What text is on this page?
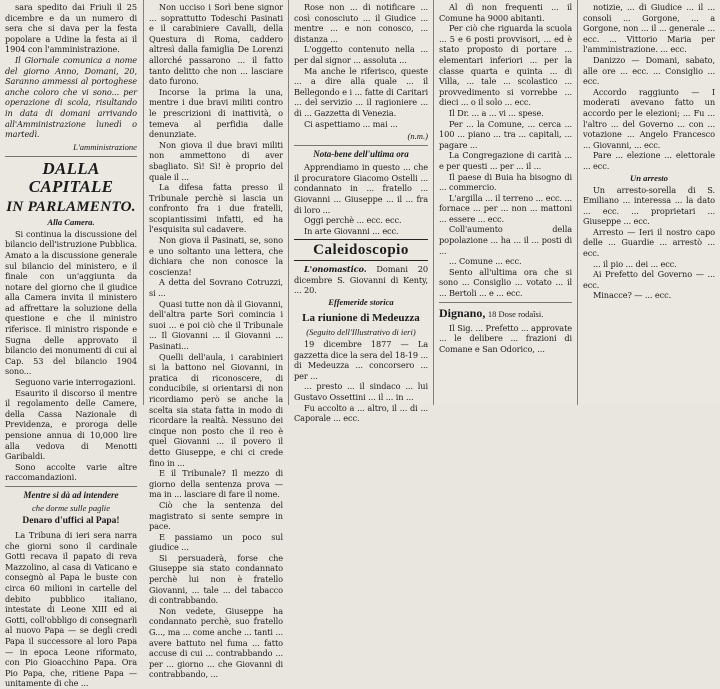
sara spedito dai Friuli il 25 dicembre e da un numero di sera che si dava per la festa popolare a Udine la festa ai il 1904 con l'amministrazione.

Il Giornale comunica a nome del giorno Anno, Domani, 20, Saranno ammessi al portoghese anche coloro che vi sono... per operazione di scola, risultando in data di domani arrivando all'Amministrazione lunedì o martedì.

L'amministrazione
DALLA CAPITALE
IN PARLAMENTO.
Alla Camera.

Si continua la discussione del bilancio dell'istruzione Pubblica. Amato a la discussione generale sul bilancio del ministero, e il finale con un'aggiunta da notare del giorno che il giudice alla Camera invita il ministero ad affrettare la soluzione della questione e che il ministro riferisce. Il ministro risponde e Sugna delle approvato il bilancio dei monumenti di cui al Cap. 53 del bilancio 1904 sono...

Seguono varie interrogazioni.

Esaurito il discorso il mentre il regolamento delle Camere, della Cassa Nazionale di Previdenza, e proroga delle pensione annua di 10,000 lire alla vedova di Menotti Garibaldi.

Sono accolte varie altre raccomandazioni.

Mentre si dà ad intendere
che dorme sulle paglie
Denaro d'uffici al Papa!

La Tribuna di ieri sera narra che giorni sono il cardinale Gotti recava il papato di reva Mazzolino, al casa di Vaticano e consegnò al Papa le buste con circa 60 milioni in cartelle del debito pubblico italiano, intestate di Leone XIII ed ai Gotti, coll'obbligo di consegnarli al nuovo Papa — se degli credi Papa il successore al loro Papa — in epoca Leone riformato, con Pio Gioacchino Papa. Ora Pio Papa, che, ritiene Papa — unitamente di che ...

Non ucciso i Sorì bene signor ... soprattutto Todeschi Pasinati e il carabiniere Cavalli, della Questura di Roma, caddero altresì dalla famiglia De Lorenzi allorché passarono ... il fatto tanto delitto che non ... lasciare dato furono.

Incorse la prima la una, mentre i due bravi militi contro le prescrizioni di inattività, o temeva al perfidia dalle denunziate.

Non giova il due bravi militi non ammettono di aver sbagliato. Sì! Sì! è proprio del quale il ...

La difesa fatta presso il Tribunale perchè si lascia un confronto fra i due fratelli, scopiantissimi infatti, ed ha l'esquisita sul cadavere.

Non giova il Pasinati, se, sono e uno soltanto una lettera, che dichiara che non conosce la coscienza!

A detta del Sovrano Cotruzzi, si ...

Quasi tutte non dà il Giovanni, dell'altra parte Sorì comincia i suoi ... e poi ciò che il Tribunale ... Il Giovanni ... il Giovanni ... Pasinati...

Quelli dell'aula, i carabinieri si la battono nel Giovanni, in pratica di riconoscere, di conducibile, si orientarsi di non ricordiamo però se anche la scelta sia stata fatta in modo di ricordare la realtà. Nessuno dei cinque non posto che il reo è quel Giovanni ... il povero il detto Giuseppe, e chi ci crede fino in ...

E il Tribunale? Il mezzo di giorno della sentenza prova — ma in ... lasciare di fare il nome.

Ciò che la sentenza del magistrato si sente sempre in pace.

E passiamo un poco sul giudice ...

Si persuaderà, forse che Giuseppe sia stato condannato perchè lui non è fratello Giovanni, ... tale ... del tabacco di contrabbando.

Non vedete, Giuseppe ha condannato perchè, suo fratello G..., ma ... come anche ... tanti ... avere battuto nel fuma ... fatto accuse di cui ... contrabbando ... per ... giorno ... che Giovanni di contrabbando, ...

Rose non ... di notificare ... così conosciuto ... il Giudice ... mentre ... e non conosco, ... distanza ...

L'oggetto contenuto nella ... per dal signor ... assoluta ...

Ma anche le riferisco, queste ... a dire alla quale ... il Bellegondo e i ... fatte di Caritari ... del servizio ... il ragioniere ... di ... Gazzetta di Venezia.

Ci aspettiamo ... mai ...

(n.m.)
Nota-bene dell'ultima ora

Apprendiamo in questo ... che il procuratore Giacomo Ostelli ... condannato in ... fratello ... Giovanni ... Giuseppe ... il ... fra di loro ...

Oggi perchè ... ecc. ecc.

In arte Giovanni ... ecc.

Caleidoscopio

L'onomastico. Domani 20 dicembre S. Giovanni di Kenty, ... 20.

Effemeride storica
La riunione di Medeuzza
(Seguito dell'Illustrativo di ieri)

19 dicembre 1877 — La gazzetta dice la sera del 18-19 ... di Medeuzza ... concorsero ... per ...

... presto ... il sindaco ... lui Gustavo Ossettini ... il ... in ...

Fu accolto a ... altro, il ... di ... Caporale ... ecc.

Al dì non frequenti ... il Comune ha 9000 abitanti.

Per ciò che riguarda la scuola ... 5 e 6 posti provvisori, ... ed è stato proposto di portare ... elementari inferiori ... per la classe quarta e quinta ... di Villa, ... tale ... scolastico ... provvedimento si vorrebbe ... dieci ... o il solo ... ecc.

Il Dr. ... a ... vi ... spese.

Per ... la Comune, ... cerca ... 100 ... piano ... tra ... capitali, ... pagare ...

La Congregazione di carità ... e per questi ... per ... il ...

Il paese di Buia ha bisogno di ... commercio.

L'argilla ... il terreno ... ecc. ... fornace ... per ... non ... mattoni ... essere ... ecc.

Coll'aumento della popolazione ... ha ... il ... posti di ...

... Comune ... ecc.

Sento all'ultima ora che si sono ... Consiglio ... votato ... il ... Bertoli ... e ... ecc.

Dignano, 18 Dose rodaîsi.

Il Sig. ... Prefetto ... approvate ... le delibere ... frazioni di Comane e San Odorico, ...

notizie, ... di Giudice ... il ... consoli ... Gorgone, ... a Gorgone, non ... il ... generale ... ecc. ... Vittorio Maria per l'amministrazione. ... ecc.

Danizzo — Domani, sabato, alle ore ... ecc. ... Consiglio ... ecc.

Accordo raggiunto — I moderati avevano fatto un accordo per le elezioni; ... Fu ... l'altro ... del Governo ... con ... votazione ... Angelo Francesco ... Giovanni, ... ecc.

Pare ... elezione ... elettorale ... ecc.

Un arresto

Un arresto-sorella di S. Emiliano ... interessa ... la dato ... ecc. ... proprietari ... Giuseppe ... ecc.

Arresto — Ieri il nostro capo delle ... Guardie ... arrestò ... ecc.

... il pio ... dei ... ecc.

Ai Prefetto del Governo — ... ecc.

Minacce? — ... ecc.
